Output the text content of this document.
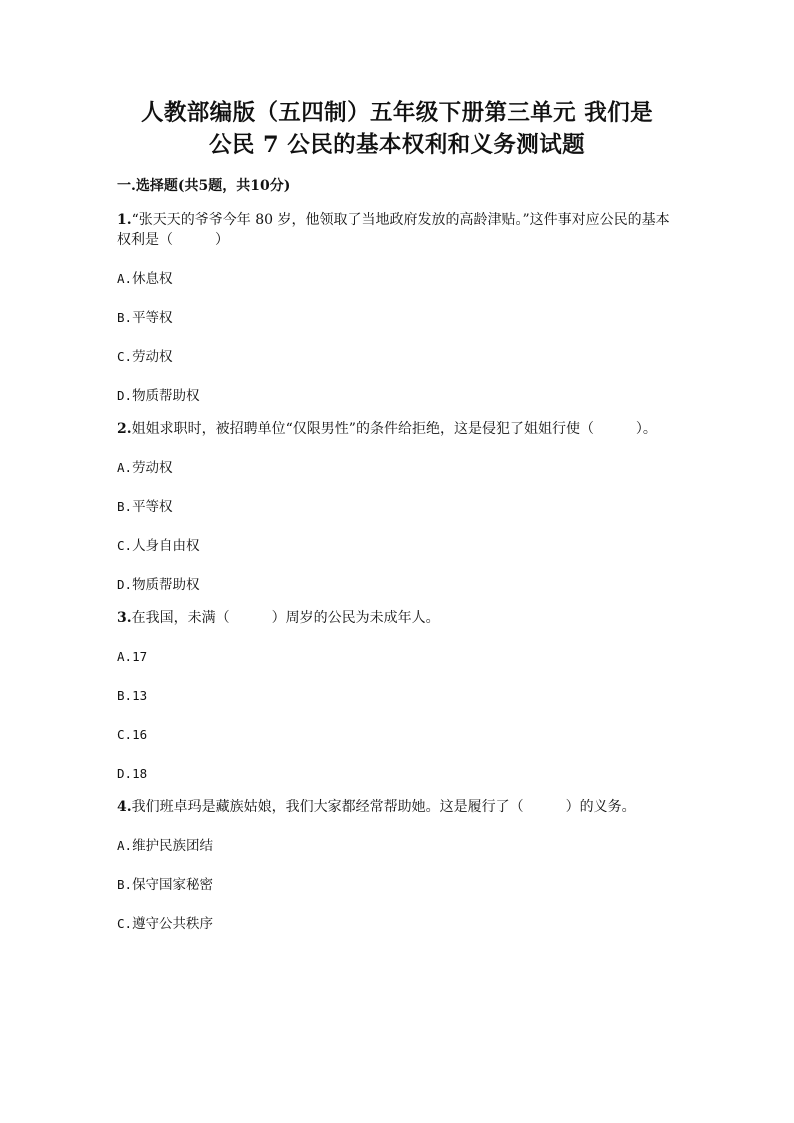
人教部编版（五四制）五年级下册第三单元 我们是
公民 7 公民的基本权利和义务测试题
一.选择题(共5题，共10分)

1.“张天天的爷爷今年 80 岁，他领取了当地政府发放的高龄津贴。”这件事对应公民的基本权利是（　　　）

A.休息权
B.平等权
C.劳动权
D.物质帮助权

2.姐姐求职时，被招聘单位“仅限男性”的条件给拒绝，这是侵犯了姐姐行使（　　　）。

A.劳动权
B.平等权
C.人身自由权
D.物质帮助权

3.在我国，未满（　　　）周岁的公民为未成年人。

A.17
B.13
C.16
D.18

4.我们班卓玛是藏族姑娘，我们大家都经常帮助她。这是履行了（　　　）的义务。

A.维护民族团结
B.保守国家秘密
C.遵守公共秩序
